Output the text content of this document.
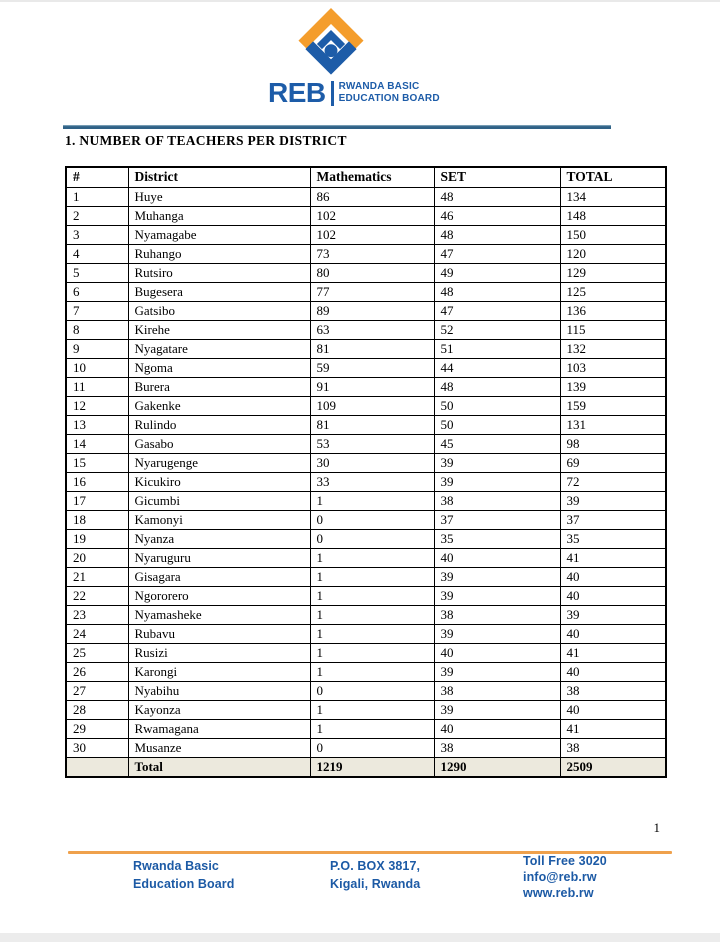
REB RWANDA BASIC
EDUCATION BOARD
1. NUMBER OF TEACHERS PER DISTRICT
#	District	Mathematics	SET	TOTAL
1	Huye	86	48	134
2	Muhanga	102	46	148
3	Nyamagabe	102	48	150
4	Ruhango	73	47	120
5	Rutsiro	80	49	129
6	Bugesera	77	48	125
7	Gatsibo	89	47	136
8	Kirehe	63	52	115
9	Nyagatare	81	51	132
10	Ngoma	59	44	103
11	Burera	91	48	139
12	Gakenke	109	50	159
13	Rulindo	81	50	131
14	Gasabo	53	45	98
15	Nyarugenge	30	39	69
16	Kicukiro	33	39	72
17	Gicumbi	1	38	39
18	Kamonyi	0	37	37
19	Nyanza	0	35	35
20	Nyaruguru	1	40	41
21	Gisagara	1	39	40
22	Ngororero	1	39	40
23	Nyamasheke	1	38	39
24	Rubavu	1	39	40
25	Rusizi	1	40	41
26	Karongi	1	39	40
27	Nyabihu	0	38	38
28	Kayonza	1	39	40
29	Rwamagana	1	40	41
30	Musanze	0	38	38
	Total	1219	1290	2509
1
Rwanda Basic
Education Board
P.O. BOX 3817,
Kigali, Rwanda
Toll Free 3020
info@reb.rw
www.reb.rw
